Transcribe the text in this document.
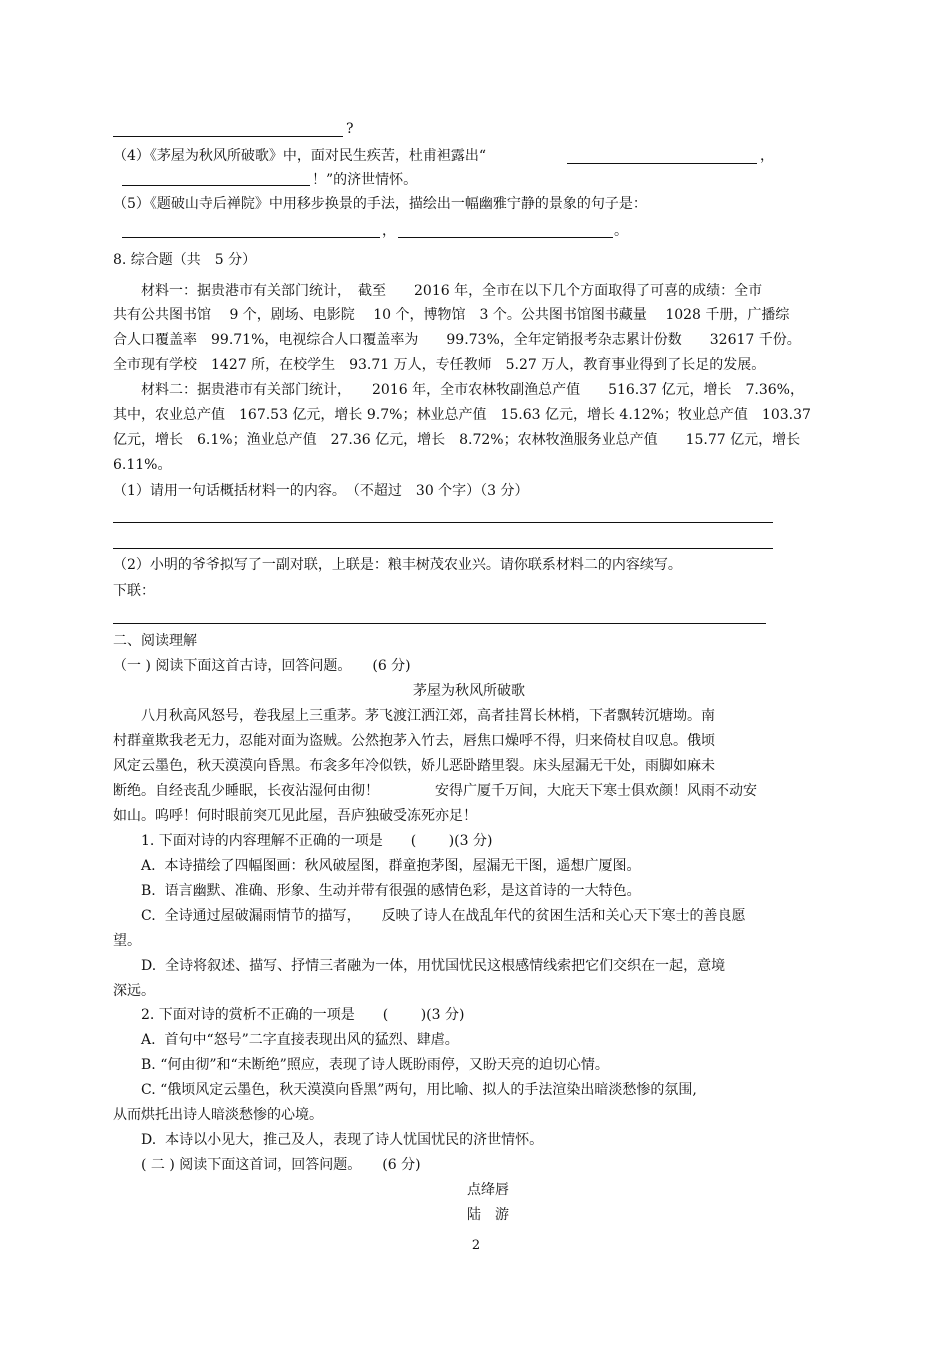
?
（4）《茅屋为秋风所破歌》中，面对民生疾苦，杜甫袒露出“	，
！”的济世情怀。
（5）《题破山寺后禅院》中用移步换景的手法，描绘出一幅幽雅宁静的景象的句子是：
，	。
8. 综合题（共　5 分）
材料一：据贵港市有关部门统计，　截至　　2016 年，全市在以下几个方面取得了可喜的成绩：全市
共有公共图书馆　 9 个，剧场、电影院　 10 个，博物馆　3 个。公共图书馆图书藏量　 1028 千册，广播综
合人口覆盖率　99.71%，电视综合人口覆盖率为　　99.73%，全年定销报考杂志累计份数　　32617 千份。
全市现有学校　1427 所，在校学生　93.71 万人，专任教师　5.27 万人，教育事业得到了长足的发展。
材料二：据贵港市有关部门统计，　　2016 年，全市农林牧副渔总产值　　516.37 亿元，增长　7.36%，
其中，农业总产值　167.53 亿元，增长 9.7%；林业总产值　15.63 亿元，增长 4.12%；牧业总产值　103.37
亿元，增长　6.1%；渔业总产值　27.36 亿元，增长　8.72%；农林牧渔服务业总产值　　15.77 亿元，增长
6.11%。
（1）请用一句话概括材料一的内容。　（不超过　30 个字）（3 分）
（2）小明的爷爷拟写了一副对联，上联是：粮丰树茂农业兴。请你联系材料二的内容续写。
下联：
二、阅读理解
（一 ) 阅读下面这首古诗，回答问题。　　(6 分)
茅屋为秋风所破歌
八月秋高风怒号，卷我屋上三重茅。茅飞渡江洒江郊，高者挂罥长林梢，下者飘转沉塘坳。南
村群童欺我老无力，忍能对面为盗贼。公然抱茅入竹去，唇焦口燥呼不得，归来倚杖自叹息。俄顷
风定云墨色，秋天漠漠向昏黑。布衾多年冷似铁，娇儿恶卧踏里裂。床头屋漏无干处，雨脚如麻未
断绝。自经丧乱少睡眠，长夜沾湿何由彻！　　　　安得广厦千万间，大庇天下寒士俱欢颜！风雨不动安
如山。呜呼！何时眼前突兀见此屋，吾庐独破受冻死亦足！
1. 下面对诗的内容理解不正确的一项是　　(　　 )(3 分)
A.  本诗描绘了四幅图画：秋风破屋图，群童抱茅图，屋漏无干图，遥想广厦图。
B.  语言幽默、准确、形象、生动并带有很强的感情色彩，是这首诗的一大特色。
C.  全诗通过屋破漏雨情节的描写，　　反映了诗人在战乱年代的贫困生活和关心天下寒士的善良愿
望。
D.  全诗将叙述、描写、抒情三者融为一体，用忧国忧民这根感情线索把它们交织在一起，意境
深远。
2. 下面对诗的赏析不正确的一项是　　(　　 )(3 分)
A.  首句中“怒号”二字直接表现出风的猛烈、肆虐。
B. “何由彻”和“未断绝”照应，表现了诗人既盼雨停，又盼天亮的迫切心情。
C. “俄顷风定云墨色，秋天漠漠向昏黑”两句，用比喻、拟人的手法渲染出暗淡愁惨的氛围,
从而烘托出诗人暗淡愁惨的心境。
D.  本诗以小见大，推己及人，表现了诗人忧国忧民的济世情怀。
( 二 ) 阅读下面这首词，回答问题。　　(6 分)
点绛唇
陆　游
2
